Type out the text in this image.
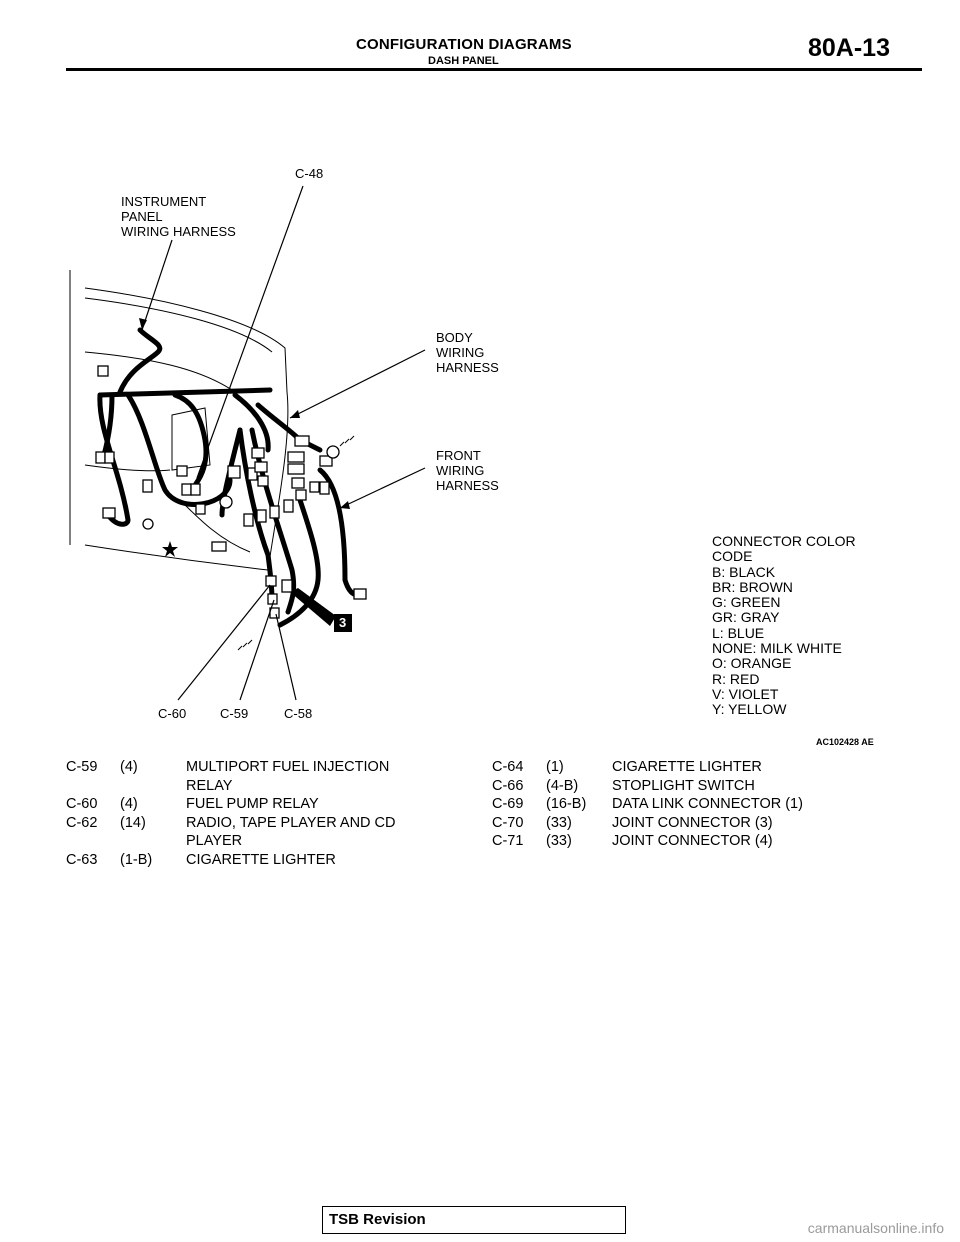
CONFIGURATION DIAGRAMS
DASH PANEL	80A-13
INSTRUMENT
PANEL
WIRING HARNESS
C-48
BODY
WIRING
HARNESS
FRONT
WIRING
HARNESS
C-60	C-59	C-58
3
CONNECTOR COLOR
CODE
B: BLACK
BR: BROWN
G: GREEN
GR: GRAY
L: BLUE
NONE: MILK WHITE
O: ORANGE
R: RED
V: VIOLET
Y: YELLOW
AC102428 AE
C-59	(4)	MULTIPORT FUEL INJECTION RELAY
C-60	(4)	FUEL PUMP RELAY
C-62	(14)	RADIO, TAPE PLAYER AND CD PLAYER
C-63	(1-B)	CIGARETTE LIGHTER
C-64	(1)	CIGARETTE LIGHTER
C-66	(4-B)	STOPLIGHT SWITCH
C-69	(16-B)	DATA LINK CONNECTOR (1)
C-70	(33)	JOINT CONNECTOR (3)
C-71	(33)	JOINT CONNECTOR (4)
TSB Revision	carmanualsonline.info
